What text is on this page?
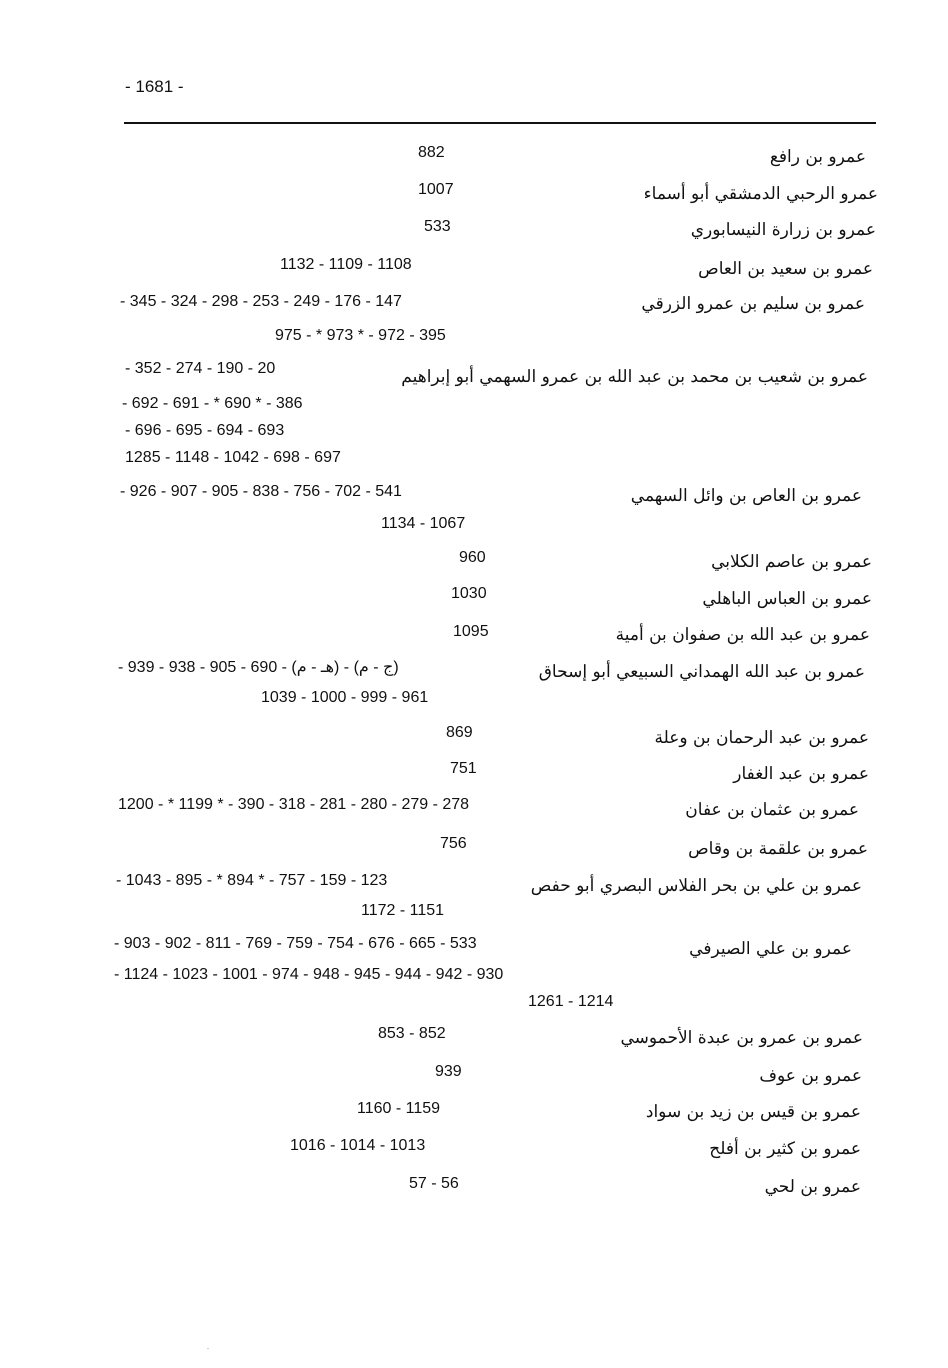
- 1681 -
عمرو بن رافع
882
عمرو الرحبي الدمشقي أبو أسماء
1007
عمرو بن زرارة النيسابوري
533
عمرو بن سعيد بن العاص
1132 - 1109 - 1108
عمرو بن سليم بن عمرو الزرقي
- 345 - 324 - 298 - 253 - 249 - 176 - 147
975 - * 973 * - 972 - 395
عمرو بن شعيب بن محمد بن عبد الله بن عمرو السهمي أبو إبراهيم
- 352 - 274 - 190 - 20
- 692 - 691 - * 690 * - 386
- 696 - 695 - 694 - 693
1285 - 1148 - 1042 - 698 - 697
عمرو بن العاص بن وائل السهمي
- 926 - 907 - 905 - 838 - 756 - 702 - 541
1134 - 1067
عمرو بن عاصم الكلابي
960
عمرو بن العباس الباهلي
1030
عمرو بن عبد الله بن صفوان بن أمية
1095
عمرو بن عبد الله الهمداني السبيعي أبو إسحاق
- 939 - 938 - 905 - 690 - (هـ - م) - (ج - م)
1039 - 1000 - 999 - 961
عمرو بن عبد الرحمان بن وعلة
869
عمرو بن عبد الغفار
751
عمرو بن عثمان بن عفان
1200 - * 1199 * - 390 - 318 - 281 - 280 - 279 - 278
عمرو بن علقمة بن وقاص
756
عمرو بن علي بن بحر الفلاس البصري أبو حفص
- 1043 - 895 - * 894 * - 757 - 159 - 123
1172 - 1151
عمرو بن علي الصيرفي
- 903 - 902 - 811 - 769 - 759 - 754 - 676 - 665 - 533
- 1124 - 1023 - 1001 - 974 - 948 - 945 - 944 - 942 - 930
1261 - 1214
عمرو بن عمرو بن عبدة الأحموسي
853 - 852
عمرو بن عوف
939
عمرو بن قيس بن زيد بن سواد
1160 - 1159
عمرو بن كثير بن أفلح
1016 - 1014 - 1013
عمرو بن لحي
57 - 56
